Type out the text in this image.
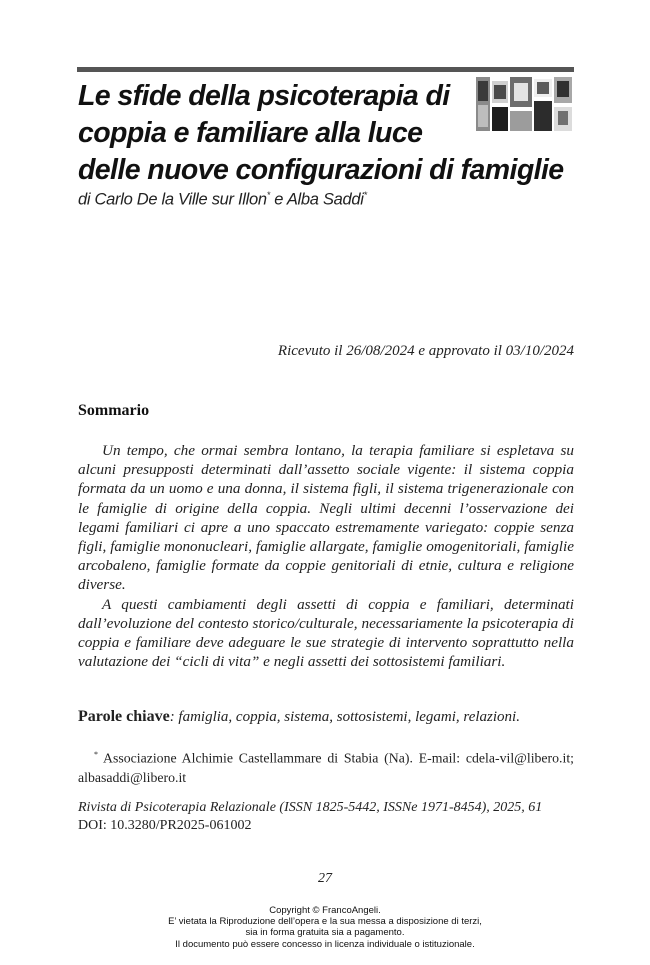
Le sfide della psicoterapia di
coppia e familiare alla luce
delle nuove configurazioni di famiglie

di Carlo De la Ville sur Illon* e Alba Saddi*

Ricevuto il 26/08/2024 e approvato il 03/10/2024
Sommario

Un tempo, che ormai sembra lontano, la terapia familiare si espletava su alcuni presupposti determinati dall’assetto sociale vigente: il sistema coppia formata da un uomo e una donna, il sistema figli, il sistema trigenerazionale con le famiglie di origine della coppia. Negli ultimi decenni l’osservazione dei legami familiari ci apre a uno spaccato estremamente variegato: coppie senza figli, famiglie mononucleari, famiglie allargate, famiglie omogenitoriali, famiglie arcobaleno, famiglie formate da coppie genitoriali di etnie, cultura e religione diverse.

A questi cambiamenti degli assetti di coppia e familiari, determinati dall’evoluzione del contesto storico/culturale, necessariamente la psicoterapia di coppia e familiare deve adeguare le sue strategie di intervento soprattutto nella valutazione dei “cicli di vita” e negli assetti dei sottosistemi familiari.

Parole chiave: famiglia, coppia, sistema, sottosistemi, legami, relazioni.
* Associazione Alchimie Castellammare di Stabia (Na). E-mail: cdela-vil@libero.it; albasaddi@libero.it
Rivista di Psicoterapia Relazionale (ISSN 1825-5442, ISSNe 1971-8454), 2025, 61
DOI: 10.3280/PR2025-061002
27
Copyright © FrancoAngeli.
E’ vietata la Riproduzione dell’opera e la sua messa a disposizione di terzi,
sia in forma gratuita sia a pagamento.
Il documento può essere concesso in licenza individuale o istituzionale.
